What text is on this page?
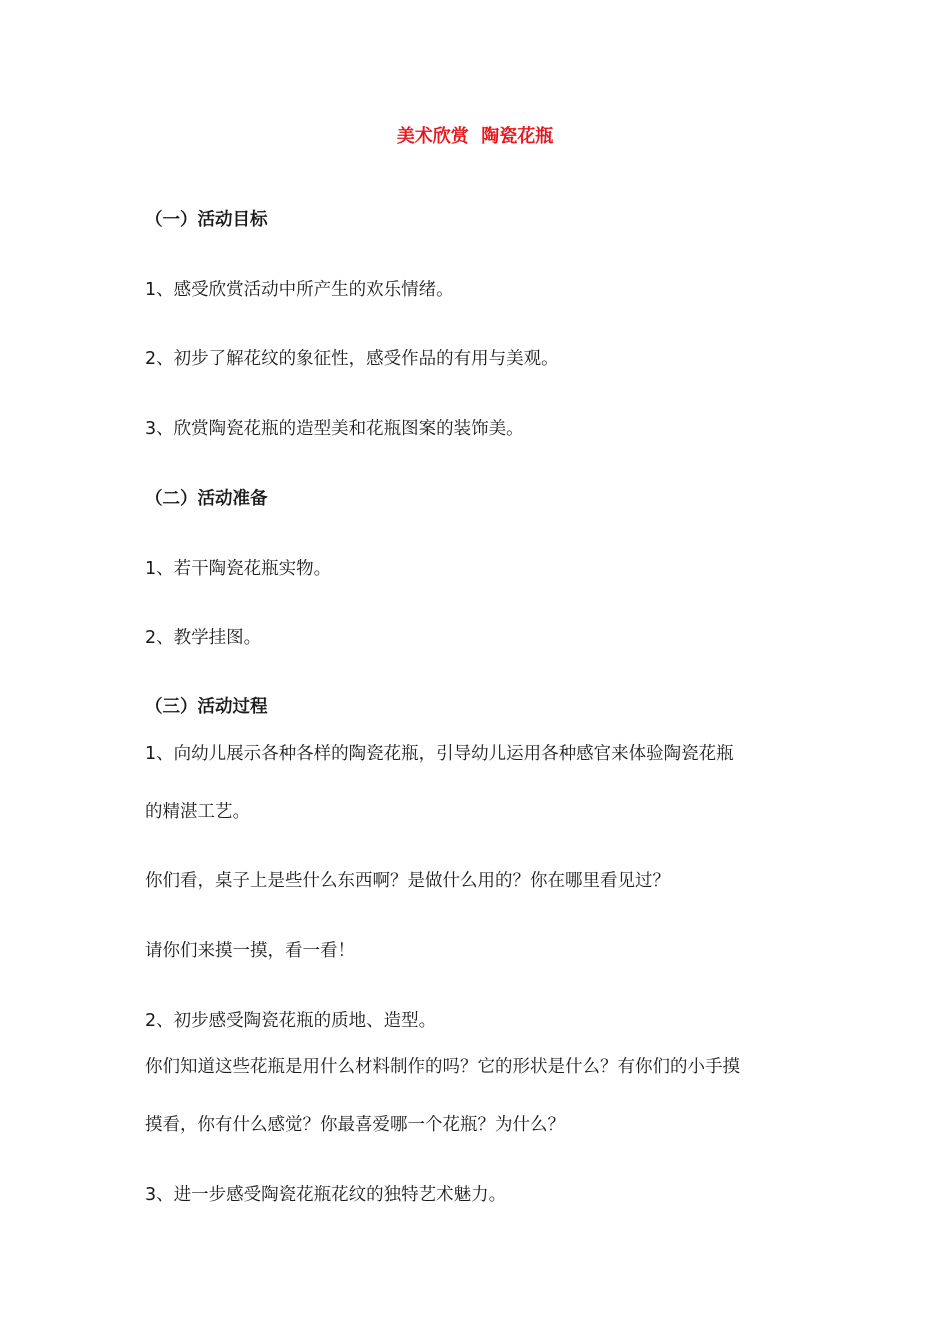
美术欣赏  陶瓷花瓶
（一）活动目标
1、感受欣赏活动中所产生的欢乐情绪。
2、初步了解花纹的象征性，感受作品的有用与美观。
3、欣赏陶瓷花瓶的造型美和花瓶图案的装饰美。
（二）活动准备
1、若干陶瓷花瓶实物。
2、教学挂图。
（三）活动过程
1、向幼儿展示各种各样的陶瓷花瓶，引导幼儿运用各种感官来体验陶瓷花瓶
的精湛工艺。
你们看，桌子上是些什么东西啊？是做什么用的？你在哪里看见过？
请你们来摸一摸，看一看！
2、初步感受陶瓷花瓶的质地、造型。
你们知道这些花瓶是用什么材料制作的吗？它的形状是什么？有你们的小手摸
摸看，你有什么感觉？你最喜爱哪一个花瓶？为什么？
3、进一步感受陶瓷花瓶花纹的独特艺术魅力。
